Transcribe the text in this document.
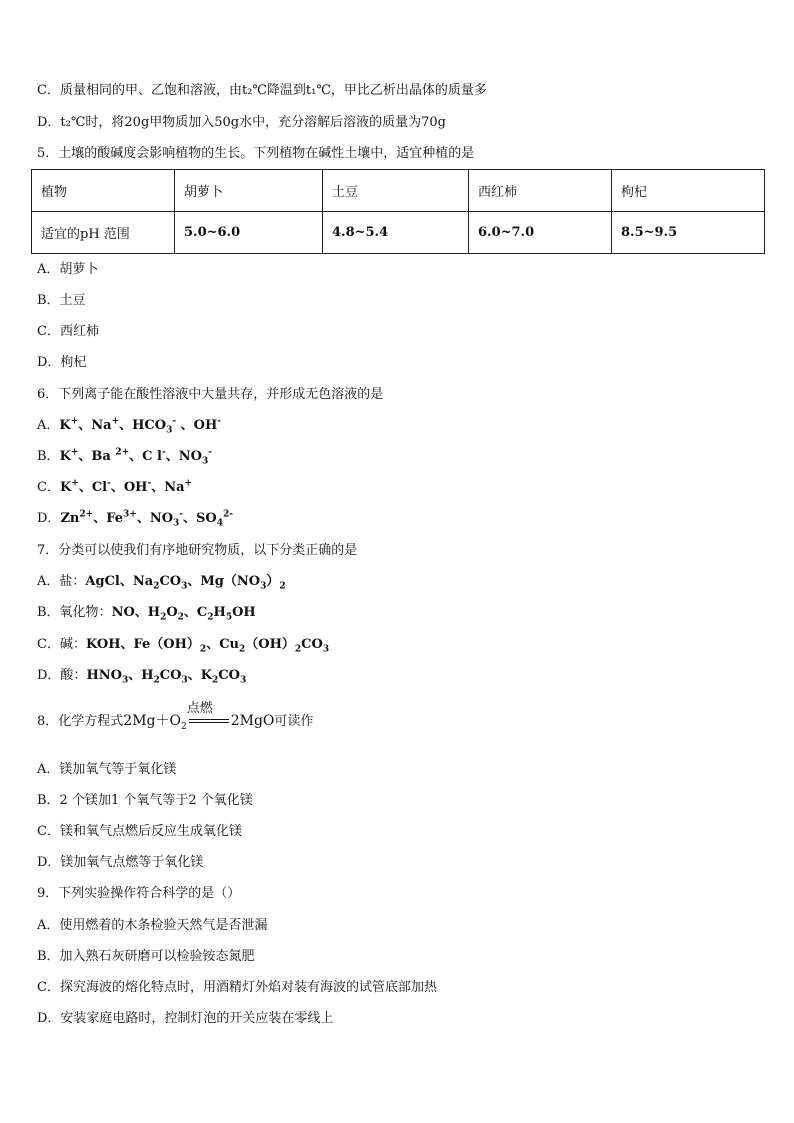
C．质量相同的甲、乙饱和溶液，由t₂℃降温到t₁℃，甲比乙析出晶体的质量多
D．t₂℃时，将20g甲物质加入50g水中，充分溶解后溶液的质量为70g
5．土壤的酸碱度会影响植物的生长。下列植物在碱性土壤中，适宜种植的是
植物	胡萝卜	土豆	西红柿	枸杞
适宜的pH 范围	5.0~6.0	4.8~5.4	6.0~7.0	8.5~9.5
A．胡萝卜
B．土豆
C．西红柿
D．枸杞
6．下列离子能在酸性溶液中大量共存，并形成无色溶液的是
A．K+、Na+、$HCO_3^-$ 、OH-
B．K+、Ba $^{2+}$、C l-、$NO_3^-$
C．K+、Cl-、OH-、Na+
D．$Zn^{2+}$、$Fe^{3+}$、$NO_3^-$、$SO_4^{2-}$
7．分类可以使我们有序地研究物质，以下分类正确的是
A．盐：AgCl、$Na_2CO_3$、$Mg(NO_3)_2$
B．氧化物：NO、$H_2O_2$、$C_2H_5OH$
C．碱：KOH、$Fe(OH)_2$、$Cu_2(OH)_2CO_3$
D．酸：$HNO_3$、$H_2CO_3$、$K_2CO_3$
8．化学方程式$2Mg+O_2$
点燃
2MgO可读作
A．镁加氧气等于氧化镁
B．2 个镁加1 个氧气等于2 个氧化镁
C．镁和氧气点燃后反应生成氧化镁
D．镁加氧气点燃等于氧化镁
9．下列实验操作符合科学的是（）
A．使用燃着的木条检验天然气是否泄漏
B．加入熟石灰研磨可以检验铵态氮肥
C．探究海波的熔化特点时，用酒精灯外焰对装有海波的试管底部加热
D．安装家庭电路时，控制灯泡的开关应装在零线上
